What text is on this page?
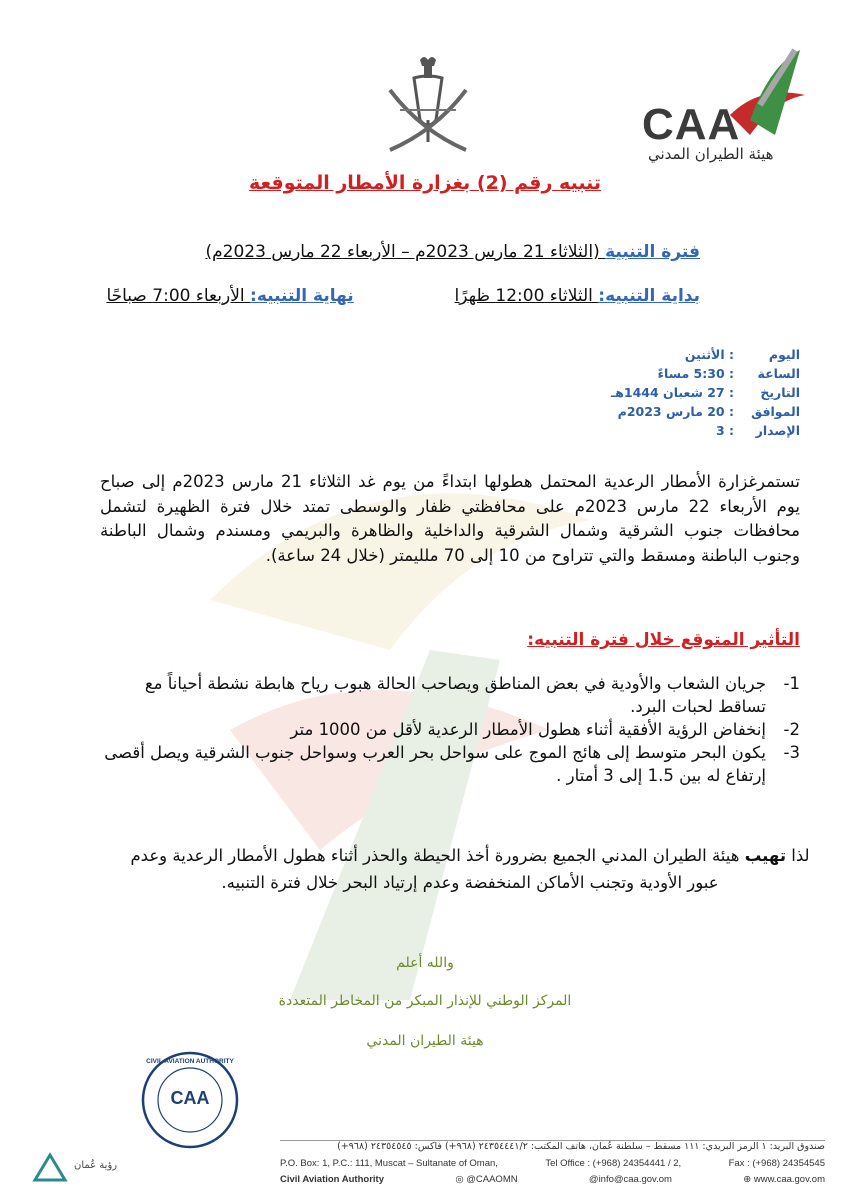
CAA
هيئة الطيران المدني
تنبيه رقم (2) بغزارة الأمطار المتوقعة
فترة التنبية (الثلاثاء 21 مارس 2023م – الأربعاء 22 مارس 2023م)
بداية التنبيه: الثلاثاء 12:00 ظهرًا  نهاية التنبيه: الأربعاء 7:00 صباحًا
اليوم
: الأثنين
الساعة
: 5:30 مساءً
التاريخ
: 27 شعبان 1444هـ
الموافق
: 20 مارس 2023م
الإصدار
: 3
تستمرغزارة الأمطار الرعدية المحتمل هطولها ابتداءً من يوم غد الثلاثاء 21 مارس 2023م إلى صباح يوم الأربعاء 22 مارس 2023م على محافظتي ظفار والوسطى تمتد خلال فترة الظهيرة لتشمل محافظات جنوب الشرقية وشمال الشرقية والداخلية والظاهرة والبريمي ومسندم وشمال الباطنة وجنوب الباطنة ومسقط والتي تتراوح من 10 إلى 70 ملليمتر (خلال 24 ساعة).
التأثير المتوقع خلال فترة التنبيه:
1-
جريان الشعاب والأودية في بعض المناطق ويصاحب الحالة هبوب رياح هابطة نشطة أحياناً مع تساقط لحبات البرد.
2-
إنخفاض الرؤية الأفقية أثناء هطول الأمطار الرعدية لأقل من 1000 متر
3-
يكون البحر متوسط إلى هائج الموج على سواحل بحر العرب وسواحل جنوب الشرقية ويصل أقصى إرتفاع له بين 1.5 إلى 3 أمتار .
لذا تهيب هيئة الطيران المدني الجميع بضرورة أخذ الحيطة والحذر أثناء هطول الأمطار الرعدية وعدم عبور الأودية وتجنب الأماكن المنخفضة وعدم إرتياد البحر خلال فترة التنبيه.
والله أعلم
المركز الوطني للإنذار المبكر من المخاطر المتعددة
هيئة الطيران المدني
CIVIL AVIATION AUTHORITY
CAA
رؤية عُمان
صندوق البريد: ١ الرمز البريدي: ١١١ مسقط – سلطنة عُمان، هاتف المكتب: ٢٤٣٥٤٤٤١/٢ (٩٦٨+) فاكس: ٢٤٣٥٤٥٤٥ (٩٦٨+)
P.O. Box: 1, P.C.: 111, Muscat – Sultanate of Oman,	Tel Office : (+968) 24354441 / 2,	Fax : (+968) 24354545
Civil Aviation Authority	◎ @CAAOMN	@info@caa.gov.om	⊕ www.caa.gov.om
